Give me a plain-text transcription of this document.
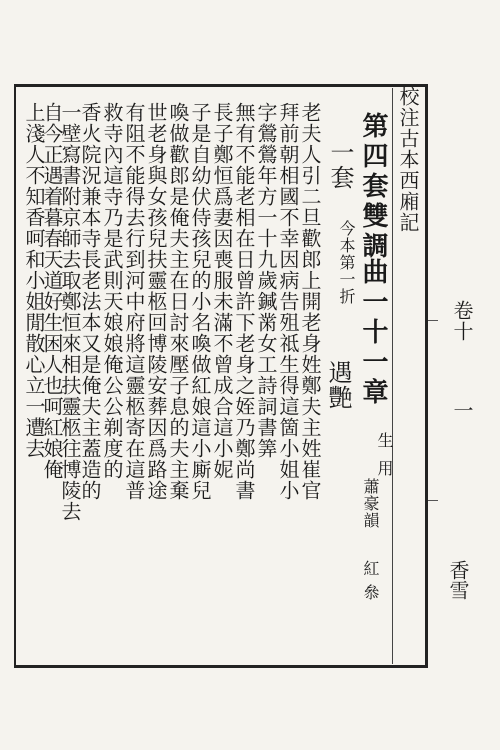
校注古本西廂記
卷十
一
香雪
第四套雙調
曲一十一章
用
蕭豪韻
生
紅
叅
一套
今本第一折
遇艷
老夫人引二旦歡郎上開老身姓鄭夫主姓崔官
拜前朝相國不幸因病告殂祗生得這箇小姐小
字鶯鶯年方一十九歲鍼黹女工詩詞書筭
無有不能老相在日曾許下老身之姪乃鄭尚書
長子鄭恒爲妻因喪服未滿不曾成合這小妮
子是自幼伏侍孩兒的小名喚做紅娘這小廝兒
喚做歡郎是俺夫主在日討來壓子息的夫主棄
世老身與女孩兒扶靈柩回博陵安葬因爲路途
有阻不能得去行到河中府將這靈柩寄在這普
救寺內這寺乃是武則天娘娘俺公公剃度的
香火院況兼本寺長老法本又是俺夫主蓋造的
一壁寫書附京師去取鄭恒來相扶靈柩往博陵去
自今正遇着暮春天道好生困人也呵紅娘俺
上淺人不知香呵和小姐閒散心立一遭去
